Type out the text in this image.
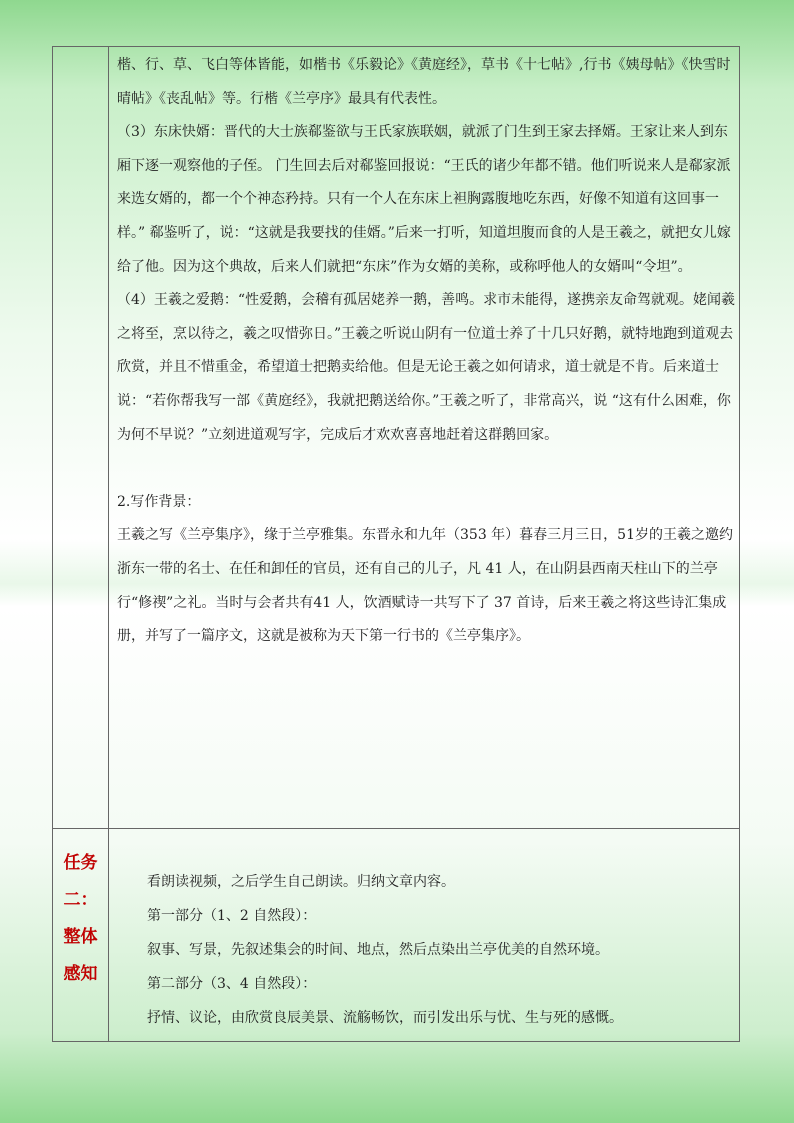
楷、行、草、飞白等体皆能，如楷书《乐毅论》《黄庭经》，草书《十七帖》,行书《姨母帖》《快雪时晴帖》《丧乱帖》等。行楷《兰亭序》最具有代表性。

（3）东床快婿：晋代的大士族郗鉴欲与王氏家族联姻，就派了门生到王家去择婿。王家让来人到东厢下逐一观察他的子侄。 门生回去后对郗鉴回报说：“王氏的诸少年都不错。他们听说来人是郗家派来选女婿的，都一个个神态矜持。只有一个人在东床上袒胸露腹地吃东西，好像不知道有这回事一样。” 郗鉴听了，说：“这就是我要找的佳婿。”后来一打听，知道坦腹而食的人是王羲之，就把女儿嫁给了他。因为这个典故，后来人们就把“东床”作为女婿的美称，或称呼他人的女婿叫“令坦”。

（4）王羲之爱鹅：“性爱鹅，会稽有孤居姥养一鹅，善鸣。求市未能得，遂携亲友命驾就观。姥闻羲之将至，烹以待之，羲之叹惜弥日。”王羲之听说山阴有一位道士养了十几只好鹅，就特地跑到道观去欣赏，并且不惜重金，希望道士把鹅卖给他。但是无论王羲之如何请求，道士就是不肯。后来道士说：“若你帮我写一部《黄庭经》，我就把鹅送给你。”王羲之听了，非常高兴，说 “这有什么困难，你为何不早说？”立刻进道观写字，完成后才欢欢喜喜地赶着这群鹅回家。

2.写作背景：

王羲之写《兰亭集序》，缘于兰亭雅集。东晋永和九年（353 年）暮春三月三日，51岁的王羲之邀约浙东一带的名士、在任和卸任的官员，还有自己的儿子，凡 41 人，在山阴县西南天柱山下的兰亭行“修禊”之礼。当时与会者共有41 人，饮酒赋诗一共写下了 37 首诗，后来王羲之将这些诗汇集成册，并写了一篇序文，这就是被称为天下第一行书的《兰亭集序》。

任务
二：
整体
感知

看朗读视频，之后学生自己朗读。归纳文章内容。

第一部分（1、2 自然段）：

叙事、写景，先叙述集会的时间、地点，然后点染出兰亭优美的自然环境。

第二部分（3、4 自然段）：

抒情、议论，由欣赏良辰美景、流觞畅饮，而引发出乐与忧、生与死的感慨。
